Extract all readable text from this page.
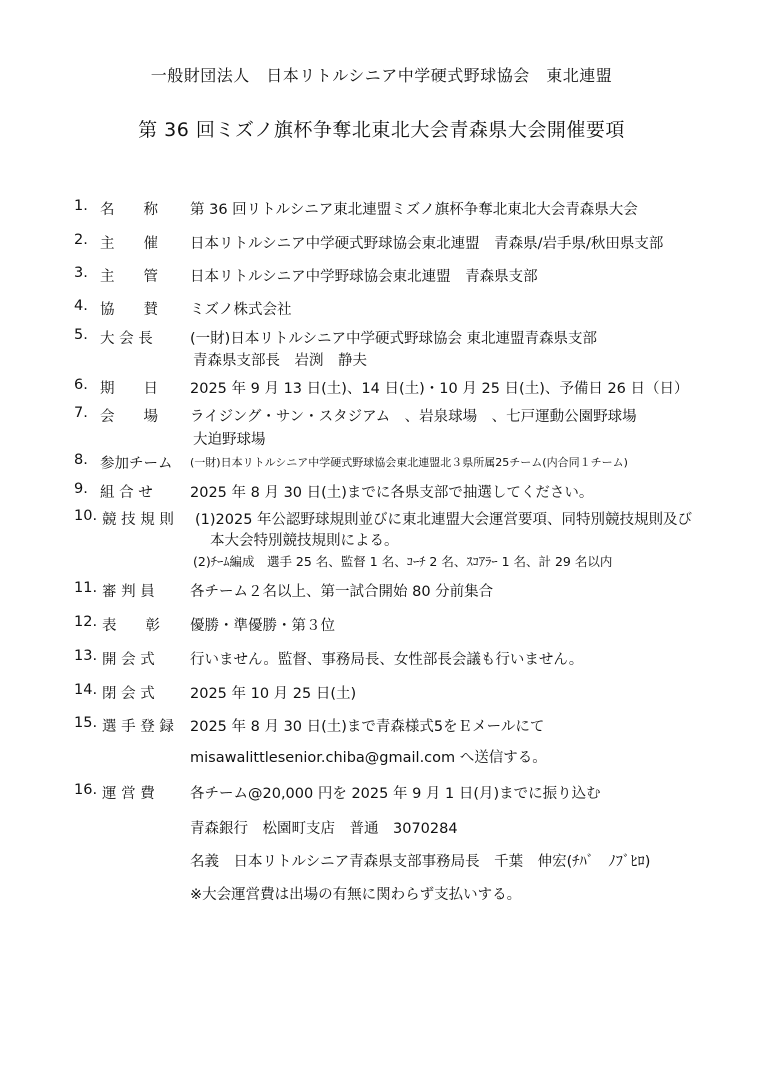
一般財団法人　日本リトルシニア中学硬式野球協会　東北連盟
第 36 回ミズノ旗杯争奪北東北大会青森県大会開催要項
1. 名　　称 第 36 回リトルシニア東北連盟ミズノ旗杯争奪北東北大会青森県大会
2. 主　　催 日本リトルシニア中学硬式野球協会東北連盟　青森県/岩手県/秋田県支部
3. 主　　管 日本リトルシニア中学野球協会東北連盟　青森県支部
4. 協　　賛 ミズノ株式会社
5. 大 会 長	(一財)日本リトルシニア中学硬式野球協会 東北連盟青森県支部
青森県支部長　岩渕　静夫
6. 期　　日 2025 年 9 月 13 日(土)、14 日(土)・10 月 25 日(土)、予備日 26 日（日）
7. 会　　場 ライジング・サン・スタジアム　、岩泉球場　、七戸運動公園野球場
大迫野球場
8. 参加チーム	(一財)日本リトルシニア中学硬式野球協会東北連盟北３県所属25チーム(内合同１チーム)
9. 組 合 せ	2025 年 8 月 30 日(土)までに各県支部で抽選してください。
10. 競 技 規 則 (1)2025 年公認野球規則並びに東北連盟大会運営要項、同特別競技規則及び
本大会特別競技規則による。
(2)ﾁｰﾑ編成　選手 25 名、監督 1 名、ｺｰﾁ 2 名、ｽｺｱﾗｰ 1 名、計 29 名以内
11. 審 判 員 各チーム２名以上、第一試合開始 80 分前集合
12. 表　　彰 優勝・準優勝・第３位
13. 開 会 式 行いません。監督、事務局長、女性部長会議も行いません。
14. 閉 会 式 2025 年 10 月 25 日(土)
15. 選 手 登 録 2025 年 8 月 30 日(土)まで青森様式5をＥメールにて
misawalittlesenior.chiba@gmail.com へ送信する。
16. 運 営 費 各チーム@20,000 円を 2025 年 9 月 1 日(月)までに振り込む
青森銀行　松園町支店　普通　3070284
名義　日本リトルシニア青森県支部事務局長　千葉　伸宏(ﾁﾊﾞ　ﾉﾌﾞﾋﾛ)
※大会運営費は出場の有無に関わらず支払いする。
